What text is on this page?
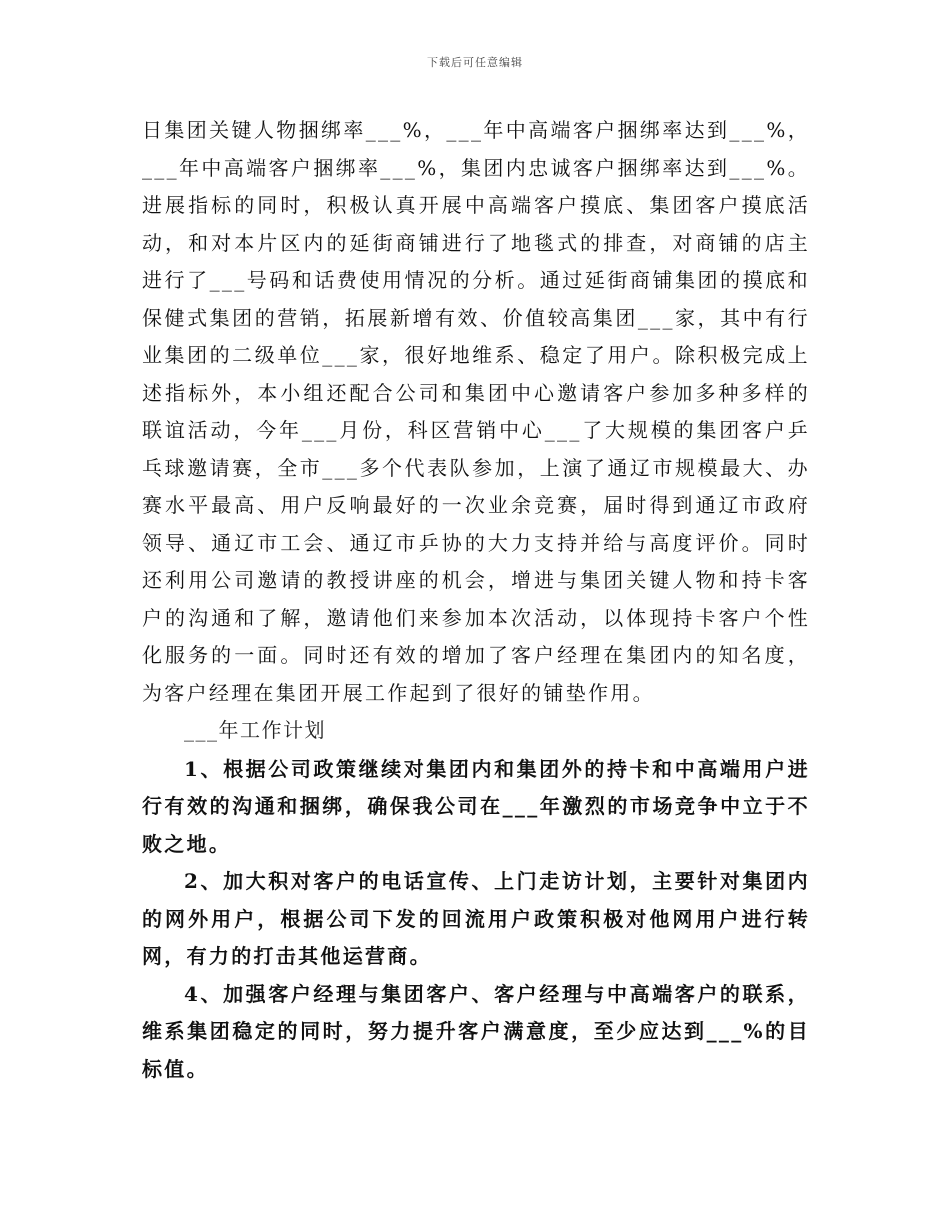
下载后可任意编辑

日集团关键人物捆绑率___%，___年中高端客户捆绑率达到___%，___年中高端客户捆绑率___%，集团内忠诚客户捆绑率达到___%。进展指标的同时，积极认真开展中高端客户摸底、集团客户摸底活动，和对本片区内的延街商铺进行了地毯式的排查，对商铺的店主进行了___号码和话费使用情况的分析。通过延街商铺集团的摸底和保健式集团的营销，拓展新增有效、价值较高集团___家，其中有行业集团的二级单位___家，很好地维系、稳定了用户。除积极完成上述指标外，本小组还配合公司和集团中心邀请客户参加多种多样的联谊活动，今年___月份，科区营销中心___了大规模的集团客户乒乓球邀请赛，全市___多个代表队参加，上演了通辽市规模最大、办赛水平最高、用户反响最好的一次业余竞赛，届时得到通辽市政府领导、通辽市工会、通辽市乒协的大力支持并给与高度评价。同时还利用公司邀请的教授讲座的机会，增进与集团关键人物和持卡客户的沟通和了解，邀请他们来参加本次活动，以体现持卡客户个性化服务的一面。同时还有效的增加了客户经理在集团内的知名度，为客户经理在集团开展工作起到了很好的铺垫作用。

___年工作计划

1、根据公司政策继续对集团内和集团外的持卡和中高端用户进行有效的沟通和捆绑，确保我公司在___年激烈的市场竞争中立于不败之地。

2、加大积对客户的电话宣传、上门走访计划，主要针对集团内的网外用户，根据公司下发的回流用户政策积极对他网用户进行转网，有力的打击其他运营商。

4、加强客户经理与集团客户、客户经理与中高端客户的联系，维系集团稳定的同时，努力提升客户满意度，至少应达到___%的目标值。
